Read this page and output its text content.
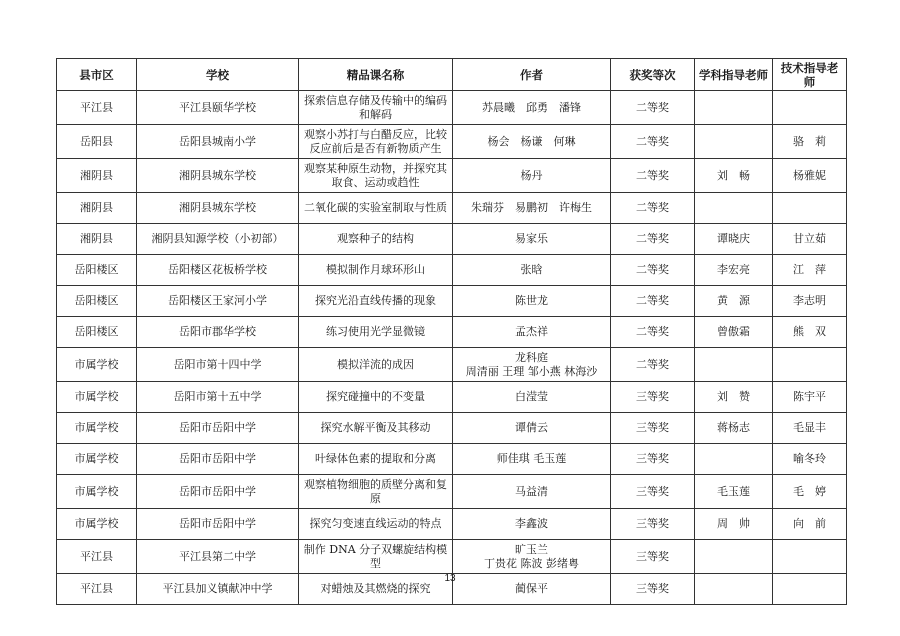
县市区	学校	精品课名称	作者	获奖等次	学科指导老师	技术指导老师
平江县	平江县颐华学校	探索信息存储及传输中的编码
和解码	苏晨曦　邱勇　潘锋	二等奖		
岳阳县	岳阳县城南小学	观察小苏打与白醋反应，比较
反应前后是否有新物质产生	杨会　杨谦　何琳	二等奖		骆　莉
湘阴县	湘阴县城东学校	观察某种原生动物，并探究其
取食、运动或趋性	杨丹	二等奖	刘　畅	杨雅妮
湘阴县	湘阴县城东学校	二氧化碳的实验室制取与性质	朱瑞芬　易鹏初　许梅生	二等奖		
湘阴县	湘阴县知源学校（小初部）	观察种子的结构	易家乐	二等奖	谭晓庆	甘立茹
岳阳楼区	岳阳楼区花板桥学校	模拟制作月球环形山	张晗	二等奖	李宏亮	江　萍
岳阳楼区	岳阳楼区王家河小学	探究光沿直线传播的现象	陈世龙	二等奖	黄　源	李志明
岳阳楼区	岳阳市郡华学校	练习使用光学显微镜	孟杰祥	二等奖	曾傲霜	熊　双
市属学校	岳阳市第十四中学	模拟洋流的成因	龙科庭
周清丽 王理 邹小燕 林海沙	二等奖		
市属学校	岳阳市第十五中学	探究碰撞中的不变量	白滢莹	三等奖	刘　赞	陈宇平
市属学校	岳阳市岳阳中学	探究水解平衡及其移动	谭倩云	三等奖	蒋杨志	毛显丰
市属学校	岳阳市岳阳中学	叶绿体色素的提取和分离	师佳琪 毛玉莲	三等奖		喻冬玲
市属学校	岳阳市岳阳中学	观察植物细胞的质壁分离和复
原	马益清	三等奖	毛玉莲	毛　婷
市属学校	岳阳市岳阳中学	探究匀变速直线运动的特点	李鑫波	三等奖	周　帅	向　前
平江县	平江县第二中学	制作 DNA 分子双螺旋结构模型	旷玉兰
丁贵花 陈波 彭绪粤	三等奖		
平江县	平江县加义镇献冲中学	对蜡烛及其燃烧的探究	蔺保平	三等奖		
13
